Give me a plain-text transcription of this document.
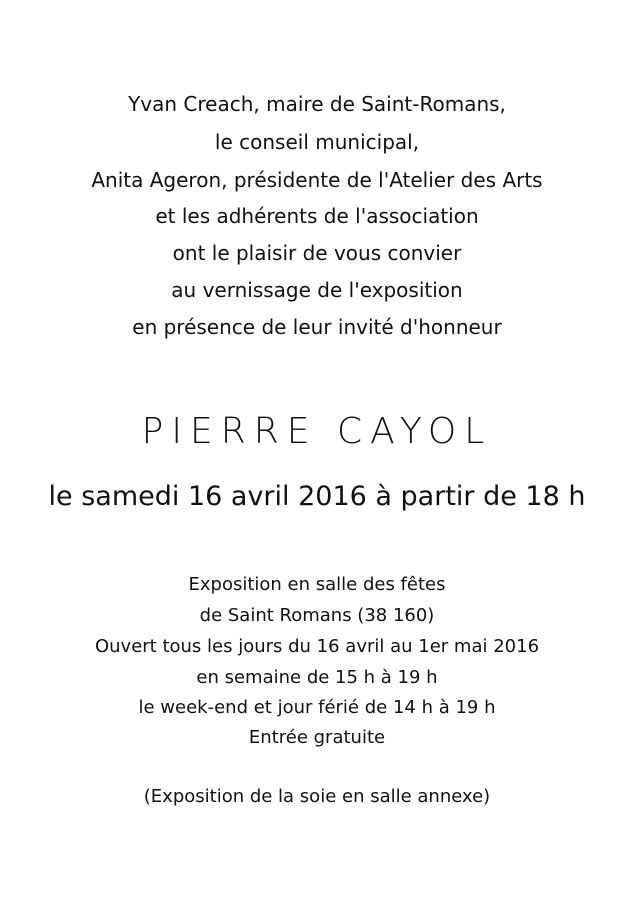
Yvan Creach, maire de Saint-Romans,
le conseil municipal,
Anita Ageron, présidente de l'Atelier des Arts
et les adhérents de l'association
ont le plaisir de vous convier
au vernissage de l'exposition
en présence de leur invité d'honneur
PIERRE CAYOL
le samedi 16 avril 2016 à partir de 18 h
Exposition en salle des fêtes
de Saint Romans (38 160)
Ouvert tous les jours du 16 avril au 1er mai 2016
en semaine de 15 h à 19 h
le week-end et jour férié de 14 h à 19 h
Entrée gratuite
(Exposition de la soie en salle annexe)
